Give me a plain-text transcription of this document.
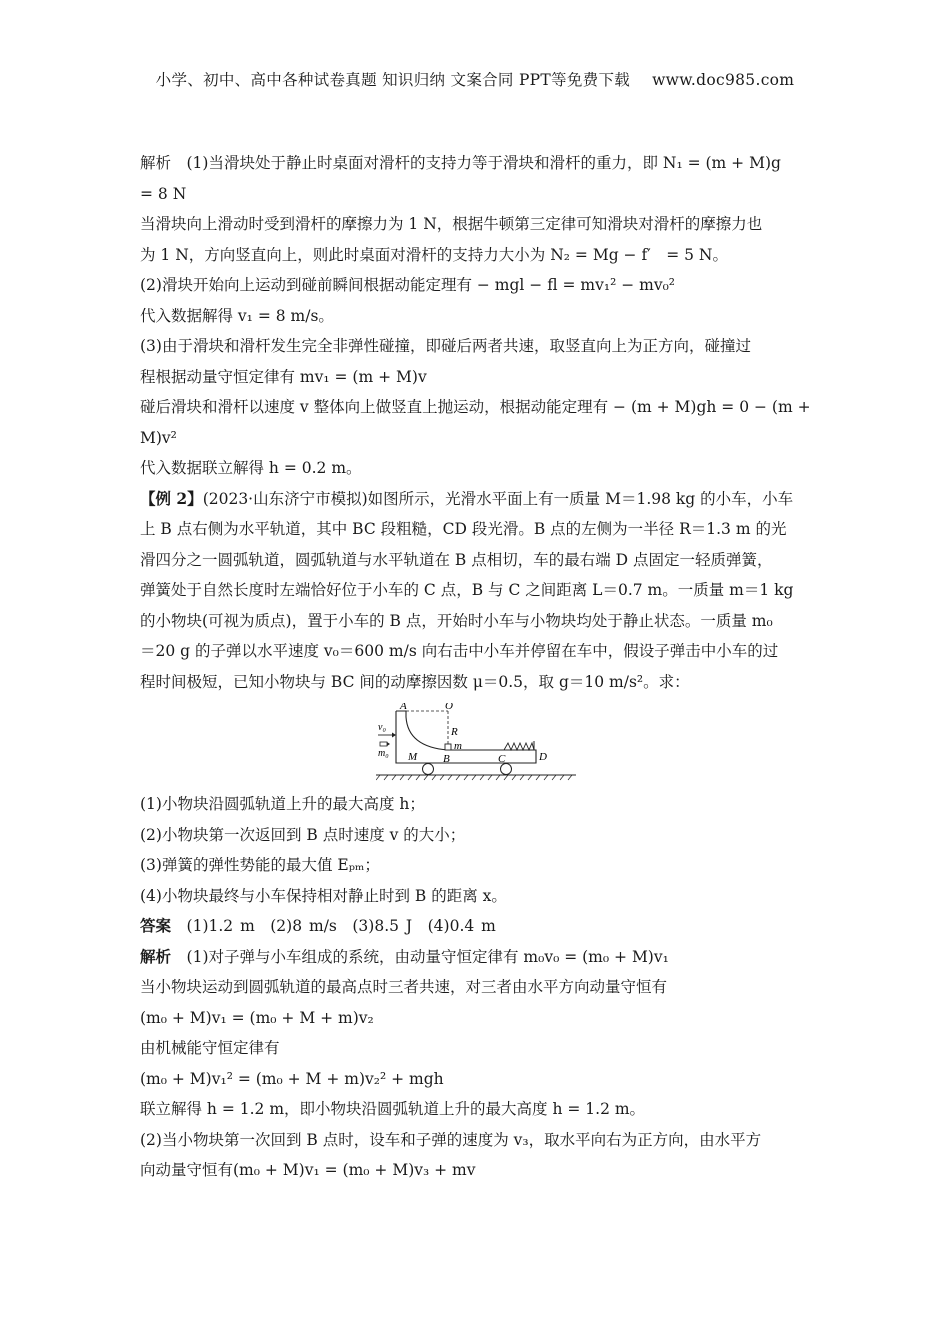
小学、初中、高中各种试卷真题 知识归纳 文案合同 PPT等免费下载 www.doc985.com

解析　(1)当滑块处于静止时桌面对滑杆的支持力等于滑块和滑杆的重力，即 N₁ = (m + M)g

= 8 N

当滑块向上滑动时受到滑杆的摩擦力为 1 N，根据牛顿第三定律可知滑块对滑杆的摩擦力也

为 1 N，方向竖直向上，则此时桌面对滑杆的支持力大小为 N₂ = Mg − f′　= 5 N。

(2)滑块开始向上运动到碰前瞬间根据动能定理有 − mgl − fl = mv₁² − mv₀²

代入数据解得 v₁ = 8 m/s。

(3)由于滑块和滑杆发生完全非弹性碰撞，即碰后两者共速，取竖直向上为正方向，碰撞过

程根据动量守恒定律有 mv₁ = (m + M)v

碰后滑块和滑杆以速度 v 整体向上做竖直上抛运动，根据动能定理有 − (m + M)gh = 0 − (m +

M)v²

代入数据联立解得 h = 0.2 m。

【例 2】(2023·山东济宁市模拟)如图所示，光滑水平面上有一质量 M＝1.98 kg 的小车，小车

上 B 点右侧为水平轨道，其中 BC 段粗糙，CD 段光滑。B 点的左侧为一半径 R＝1.3 m 的光

滑四分之一圆弧轨道，圆弧轨道与水平轨道在 B 点相切，车的最右端 D 点固定一轻质弹簧，

弹簧处于自然长度时左端恰好位于小车的 C 点，B 与 C 之间距离 L＝0.7 m。一质量 m＝1 kg

的小物块(可视为质点)，置于小车的 B 点，开始时小车与小物块均处于静止状态。一质量 m₀

＝20 g 的子弹以水平速度 v₀＝600 m/s 向右击中小车并停留在车中，假设子弹击中小车的过

程时间极短，已知小物块与 BC 间的动摩擦因数 μ＝0.5，取 g＝10 m/s²。求：

A	O
R
m
M B	C	D
v₀
m₀

(1)小物块沿圆弧轨道上升的最大高度 h；

(2)小物块第一次返回到 B 点时速度 v 的大小；

(3)弹簧的弹性势能的最大值 Eₚₘ；

(4)小物块最终与小车保持相对静止时到 B 的距离 x。

答案　 (1)1.2 m　(2)8 m/s　(3)8.5 J　(4)0.4 m

解析　 (1)对子弹与小车组成的系统，由动量守恒定律有 m₀v₀ = (m₀ + M)v₁

当小物块运动到圆弧轨道的最高点时三者共速，对三者由水平方向动量守恒有

(m₀ + M)v₁ = (m₀ + M + m)v₂

由机械能守恒定律有

(m₀ + M)v₁² = (m₀ + M + m)v₂² + mgh

联立解得 h = 1.2 m，即小物块沿圆弧轨道上升的最大高度 h = 1.2 m。

(2)当小物块第一次回到 B 点时，设车和子弹的速度为 v₃，取水平向右为正方向，由水平方

向动量守恒有(m₀ + M)v₁ = (m₀ + M)v₃ + mv
